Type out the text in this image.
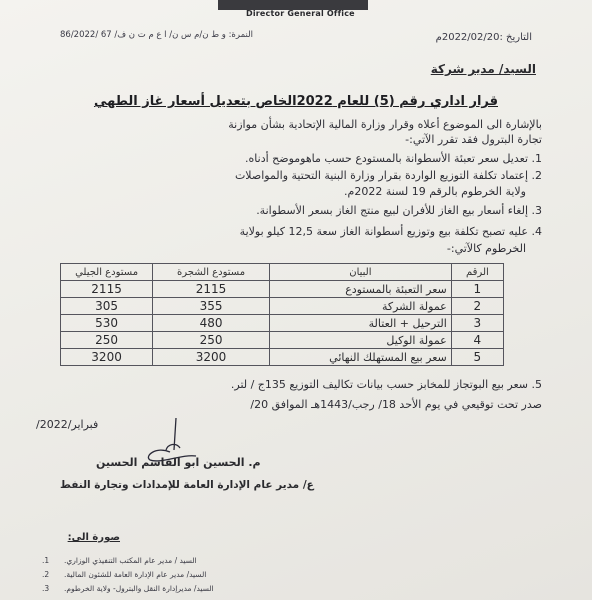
Director General Office
النمرة: و ط ن/م س ن/ ا ع م ت ن ف/ 67 /86/2022	التاريخ :2022/02/20م
السيد/ مدير شركة
قرار اداري رقم (5) للعام 2022الخاص بتعديل أسعار غاز الطهي
بالإشارة الى الموضوع أعلاه وقرار وزارة المالية الإتحادية بشأن موازنة
تجارة البترول فقد تقرر الآتي:-
1. تعديل سعر تعبئة الأسطوانة بالمستودع حسب ماهوموضح أدناه.
2. إعتماد تكلفة التوزيع الواردة بقرار وزارة البنية التحتية والمواصلات
ولاية الخرطوم بالرقم 19 لسنة 2022م.
3. إلغاء أسعار بيع الغاز للأفران لبيع منتج الغاز بسعر الأسطوانة.
4. عليه تصبح تكلفة بيع وتوزيع أسطوانة الغاز سعة 12,5 كيلو بولاية
الخرطوم كالآتي:-
مستودع الجيلي	مستودع الشجرة	البيان	الرقم
2115	2115	سعر التعبئة بالمستودع	1
305	355	عمولة الشركة	2
530	480	الترحيل + العتالة	3
250	250	عمولة الوكيل	4
3200	3200	سعر بيع المستهلك النهائي	5
5. سعر بيع البوتجاز للمخابز حسب بيانات تكاليف التوزيع 135ج / لتر.
صدر تحت توقيعي في يوم الأحد 18/ رجب/1443هـ الموافق 20/
فبراير/2022/
م. الحسين ابو القاسم الحسين
ع/ مدير عام الإدارة العامة للإمدادات وتجارة النفط
صورة الى:
1. السيد / مدير عام المكتب التنفيذي الوزاري.
2. السيد/ مدير عام الإدارة العامة للشئون المالية.
3. السيد/ مديرإدارة النقل والبترول- ولاية الخرطوم.
